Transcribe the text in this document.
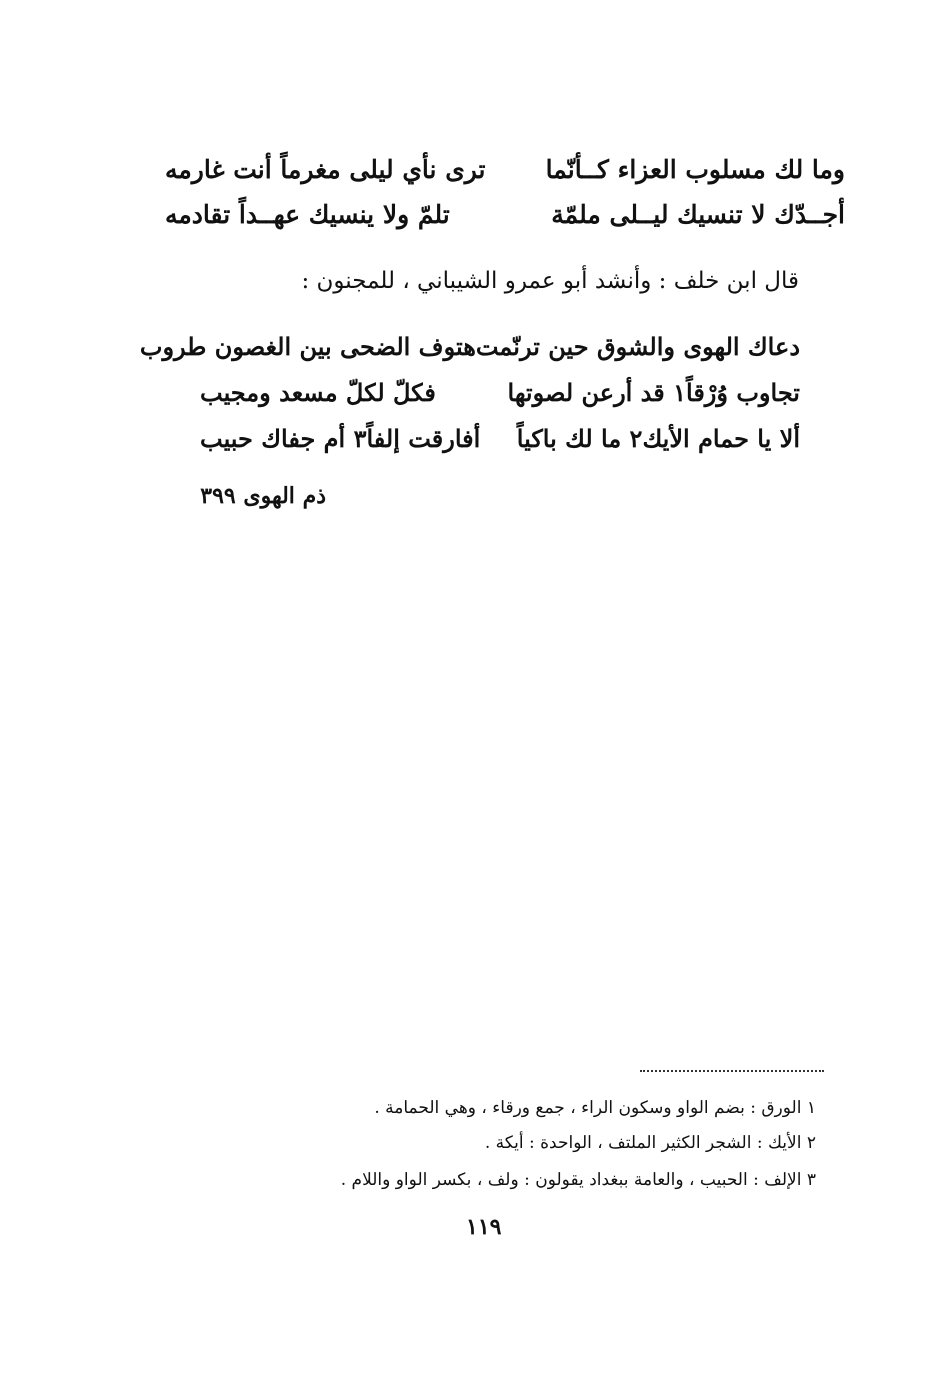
وما لك مسلوب العزاء كــأنّما
ترى نأي ليلى مغرماً أنت غارمه
أجــدّك لا تنسيك ليــلى ملمّة
تلمّ ولا ينسيك عهــداً تقادمه
قال ابن خلف : وأنشد أبو عمرو الشيباني ، للمجنون :
دعاك الهوى والشوق حين ترنّمت
هتوف الضحى بين الغصون طروب
تجاوب وُرْقاً١ قد أرعن لصوتها
فكلّ لكلّ مسعد ومجيب
ألا يا حمام الأيك٢ ما لك باكياً
أفارقت إلفاً٣ أم جفاك حبيب
ذم الهوى ٣٩٩
١ الورق : بضم الواو وسكون الراء ، جمع ورقاء ، وهي الحمامة .
٢ الأيك : الشجر الكثير الملتف ، الواحدة : أيكة .
٣ الإلف : الحبيب ، والعامة ببغداد يقولون : ولف ، بكسر الواو واللام .
١١٩
